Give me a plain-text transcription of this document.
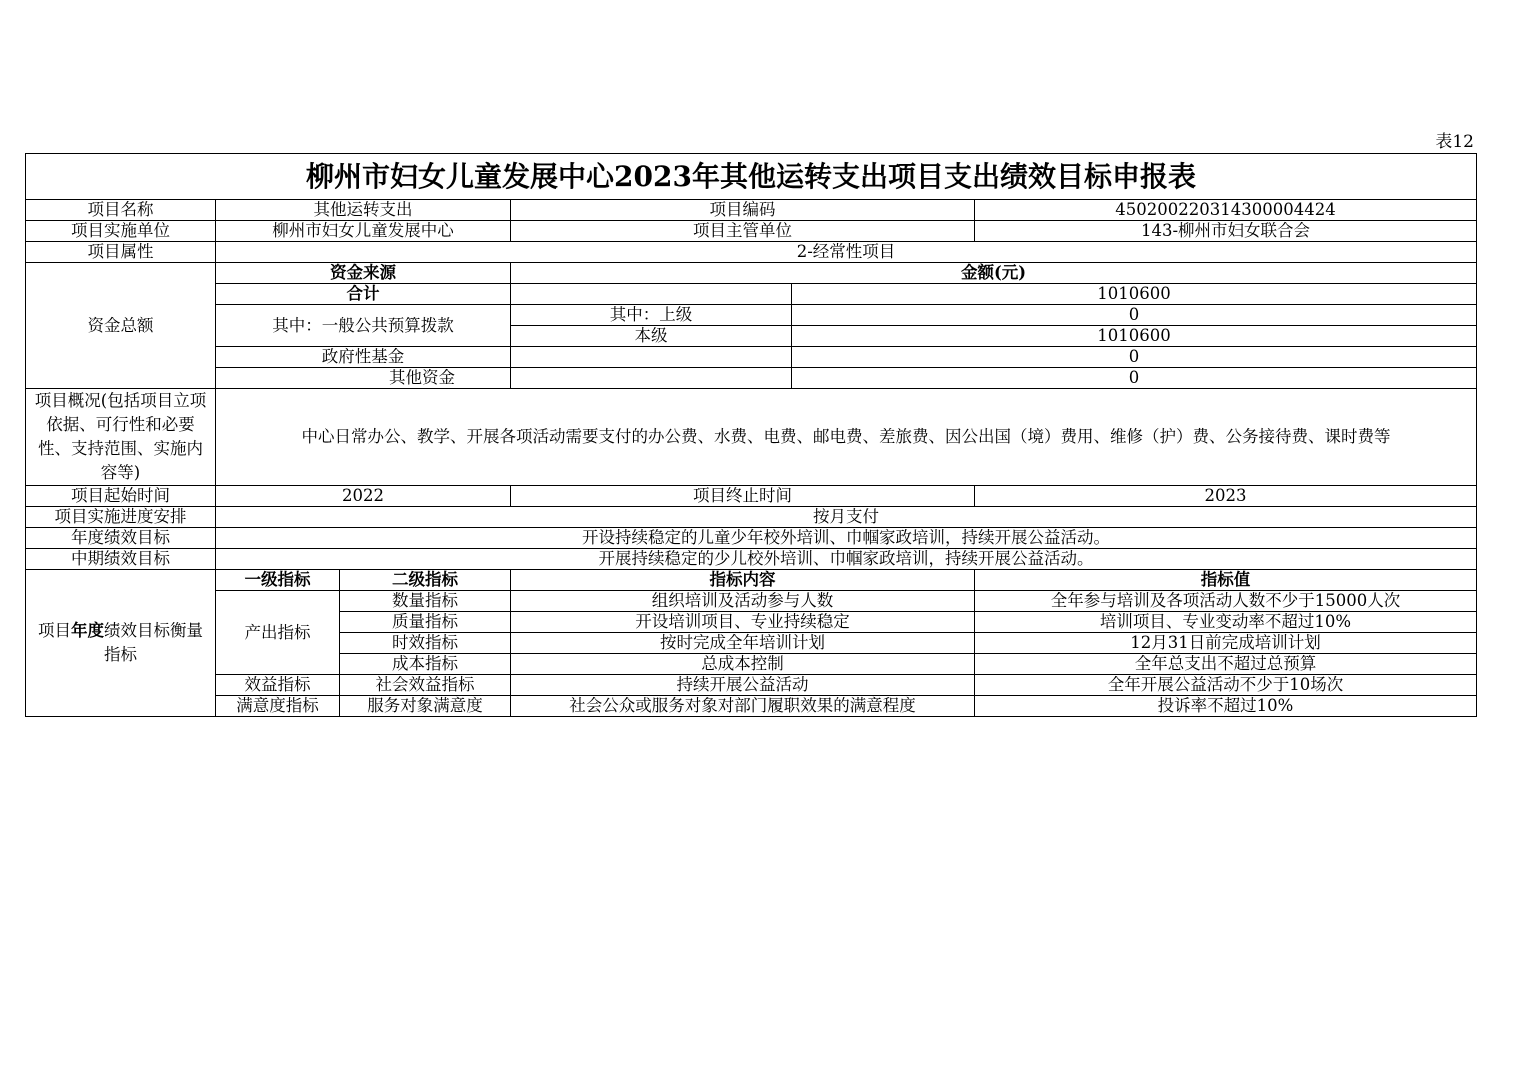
表12
柳州市妇女儿童发展中心2023年其他运转支出项目支出绩效目标申报表					
项目名称	其他运转支出		项目编码		450200220314300004424
项目实施单位	柳州市妇女儿童发展中心		项目主管单位		143-柳州市妇女联合会
项目属性	2-经常性项目				
资金总额	资金来源		金额(元)		
	合计			1010600	
	其中：一般公共预算拨款		其中：上级	0	
			本级	1010600	
	政府性基金			0	
	其他资金			0	
项目概况(包括项目立项依据、可行性和必要性、支持范围、实施内容等)	中心日常办公、教学、开展各项活动需要支付的办公费、水费、电费、邮电费、差旅费、因公出国（境）费用、维修（护）费、公务接待费、课时费等				
项目起始时间	2022		项目终止时间		2023
项目实施进度安排	按月支付				
年度绩效目标	开设持续稳定的儿童少年校外培训、巾帼家政培训，持续开展公益活动。				
中期绩效目标	开展持续稳定的少儿校外培训、巾帼家政培训，持续开展公益活动。				
项目年度绩效目标衡量指标	一级指标	二级指标	指标内容		指标值
	产出指标	数量指标	组织培训及活动参与人数		全年参与培训及各项活动人数不少于15000人次
		质量指标	开设培训项目、专业持续稳定		培训项目、专业变动率不超过10%
		时效指标	按时完成全年培训计划		12月31日前完成培训计划
		成本指标	总成本控制		全年总支出不超过总预算
	效益指标	社会效益指标	持续开展公益活动		全年开展公益活动不少于10场次
	满意度指标	服务对象满意度	社会公众或服务对象对部门履职效果的满意程度		投诉率不超过10%
